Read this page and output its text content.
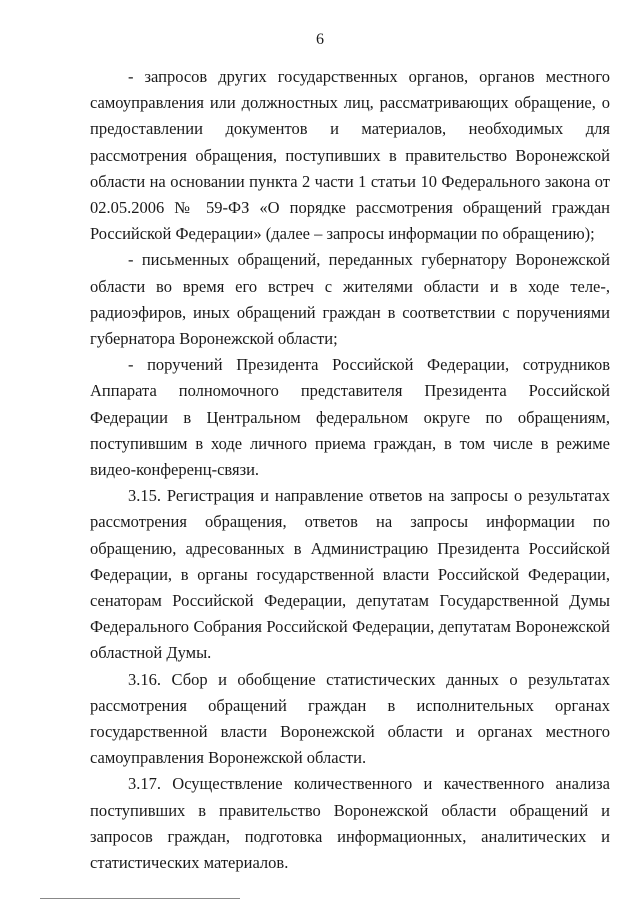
6

- запросов других государственных органов, органов местного самоуправления или должностных лиц, рассматривающих обращение, о предоставлении документов и материалов, необходимых для рассмотрения обращения, поступивших в правительство Воронежской области на основании пункта 2 части 1 статьи 10 Федерального закона от 02.05.2006 № 59-ФЗ «О порядке рассмотрения обращений граждан Российской Федерации» (далее – запросы информации по обращению);

- письменных обращений, переданных губернатору Воронежской области во время его встреч с жителями области и в ходе теле-, радиоэфиров, иных обращений граждан в соответствии с поручениями губернатора Воронежской области;

- поручений Президента Российской Федерации, сотрудников Аппарата полномочного представителя Президента Российской Федерации в Центральном федеральном округе по обращениям, поступившим в ходе личного приема граждан, в том числе в режиме видео-конференц-связи.

3.15. Регистрация и направление ответов на запросы о результатах рассмотрения обращения, ответов на запросы информации по обращению, адресованных в Администрацию Президента Российской Федерации, в органы государственной власти Российской Федерации, сенаторам Российской Федерации, депутатам Государственной Думы Федерального Собрания Российской Федерации, депутатам Воронежской областной Думы.

3.16. Сбор и обобщение статистических данных о результатах рассмотрения обращений граждан в исполнительных органах государственной власти Воронежской области и органах местного самоуправления Воронежской области.

3.17. Осуществление количественного и качественного анализа поступивших в правительство Воронежской области обращений и запросов граждан, подготовка информационных, аналитических и статистических материалов.
